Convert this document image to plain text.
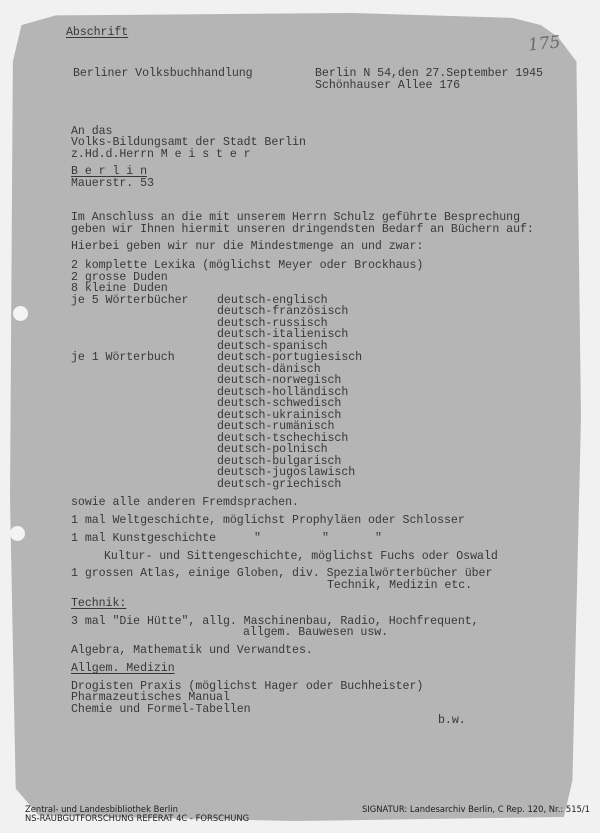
Abschrift	175
Berliner Volksbuchhandlung	Berlin N 54,den 27.September 1945
Schönhauser Allee 176
An das
Volks-Bildungsamt der Stadt Berlin
z.Hd.d.Herrn M e i s t e r
B e r l i n
Mauerstr. 53
Im Anschluss an die mit unserem Herrn Schulz geführte Besprechung
geben wir Ihnen hiermit unseren dringendsten Bedarf an Büchern auf:
Hierbei geben wir nur die Mindestmenge an und zwar:
2 komplette Lexika (möglichst Meyer oder Brockhaus)
2 grosse Duden
8 kleine Duden
je 5 Wörterbücher deutsch-englisch
deutsch-französisch
deutsch-russisch
deutsch-italienisch
deutsch-spanisch
je 1 Wörterbuch	deutsch-portugiesisch
deutsch-dänisch
deutsch-norwegisch
deutsch-holländisch
deutsch-schwedisch
deutsch-ukrainisch
deutsch-rumänisch
deutsch-tschechisch
deutsch-polnisch
deutsch-bulgarisch
deutsch-jugoslawisch
deutsch-griechisch
sowie alle anderen Fremdsprachen.
1 mal Weltgeschichte, möglichst Prophyläen oder Schlosser
1 mal Kunstgeschichte	"	"	"
Kultur- und Sittengeschichte, möglichst Fuchs oder Oswald
1 grossen Atlas, einige Globen, div. Spezialwörterbücher über
Technik, Medizin etc.
Technik:
3 mal "Die Hütte", allg. Maschinenbau, Radio, Hochfrequent,
allgem. Bauwesen usw.
Algebra, Mathematik und Verwandtes.
Allgem. Medizin
Drogisten Praxis (möglichst Hager oder Buchheister)
Pharmazeutisches Manual
Chemie und Formel-Tabellen
b.w.
Zentral- und Landesbibliothek Berlin
NS-RAUBGUTFORSCHUNG REFERAT 4C - FORSCHUNG
SIGNATUR: Landesarchiv Berlin, C Rep. 120, Nr.: 515/1
